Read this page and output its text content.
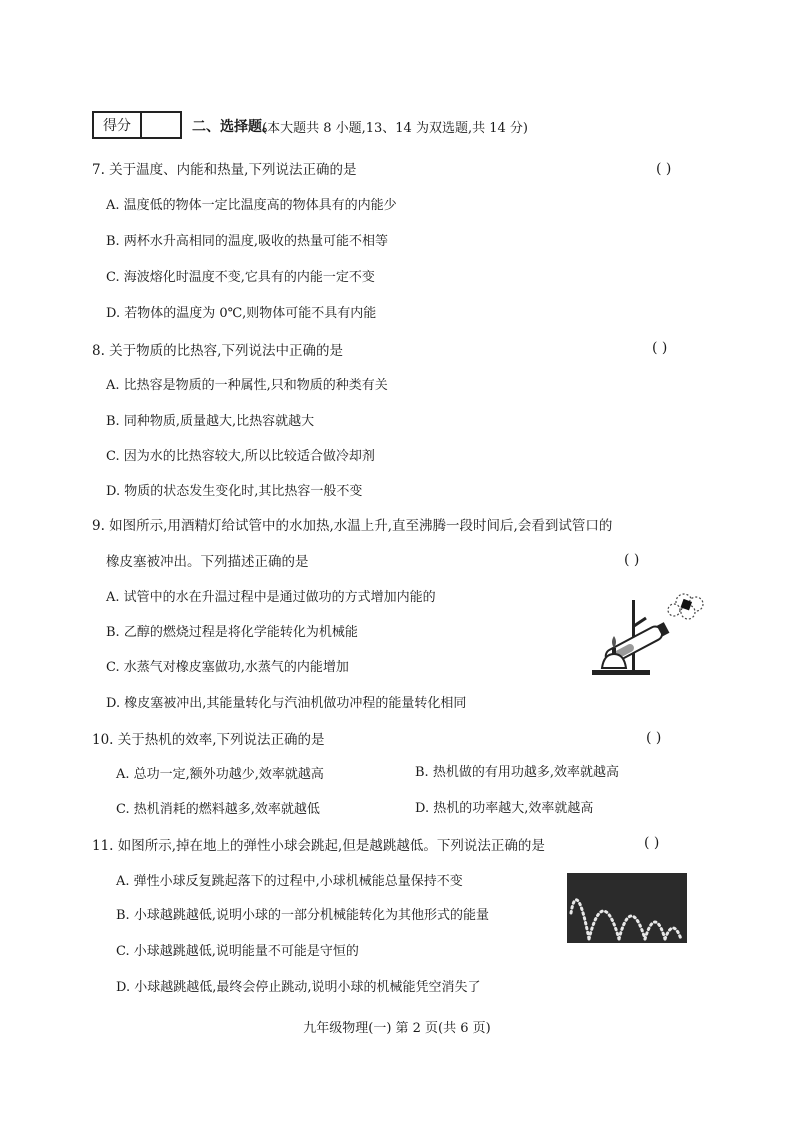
得分	二、选择题。
(本大题共 8 小题,13、14 为双选题,共 14 分)
7. 关于温度、内能和热量,下列说法正确的是	( )
A. 温度低的物体一定比温度高的物体具有的内能少
B. 两杯水升高相同的温度,吸收的热量可能不相等
C. 海波熔化时温度不变,它具有的内能一定不变
D. 若物体的温度为 0℃,则物体可能不具有内能
8. 关于物质的比热容,下列说法中正确的是	( )
A. 比热容是物质的一种属性,只和物质的种类有关
B. 同种物质,质量越大,比热容就越大
C. 因为水的比热容较大,所以比较适合做冷却剂
D. 物质的状态发生变化时,其比热容一般不变
9. 如图所示,用酒精灯给试管中的水加热,水温上升,直至沸腾一段时间后,会看到试管口的
橡皮塞被冲出。下列描述正确的是	( )
A. 试管中的水在升温过程中是通过做功的方式增加内能的
B. 乙醇的燃烧过程是将化学能转化为机械能
C. 水蒸气对橡皮塞做功,水蒸气的内能增加
D. 橡皮塞被冲出,其能量转化与汽油机做功冲程的能量转化相同
10. 关于热机的效率,下列说法正确的是	( )
A. 总功一定,额外功越少,效率就越高	B. 热机做的有用功越多,效率就越高
C. 热机消耗的燃料越多,效率就越低	D. 热机的功率越大,效率就越高
11. 如图所示,掉在地上的弹性小球会跳起,但是越跳越低。下列说法正确的是	( )
A. 弹性小球反复跳起落下的过程中,小球机械能总量保持不变
B. 小球越跳越低,说明小球的一部分机械能转化为其他形式的能量
C. 小球越跳越低,说明能量不可能是守恒的
D. 小球越跳越低,最终会停止跳动,说明小球的机械能凭空消失了
九年级物理(一) 第 2 页(共 6 页)
